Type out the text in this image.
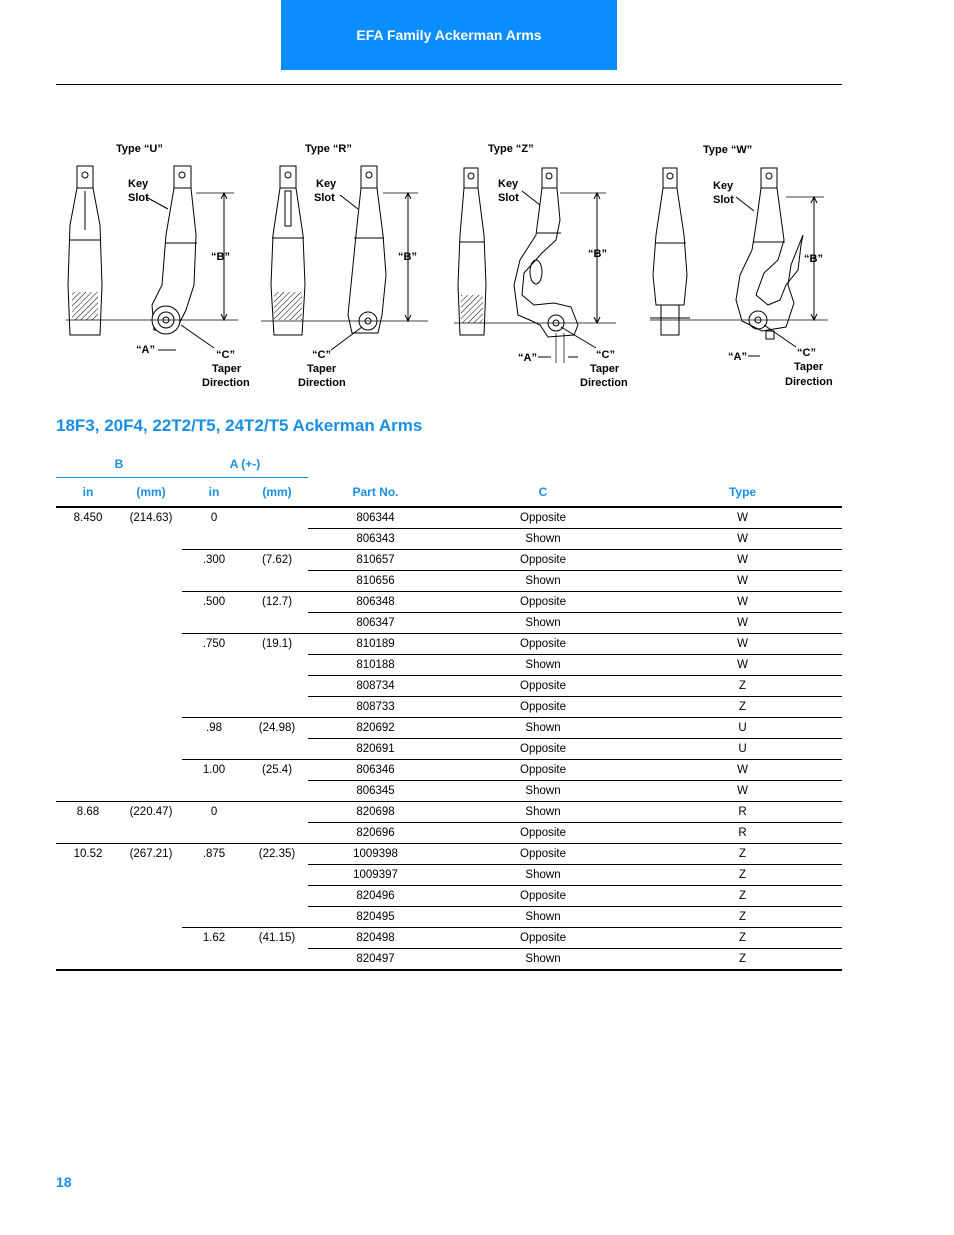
EFA Family Ackerman Arms
Type “U”
Key
Slot
“B”
“A”	“C”
Taper
Direction
Type “R”
Key
Slot
“B”
“C”
Taper
Direction
Type “Z”
Key
Slot
“B”
“A”	“C”
Taper
Direction
Type “W”
Key
Slot
“B”
“A”	“C”
Taper
Direction
18F3, 20F4, 22T2/T5, 24T2/T5 Ackerman Arms
B		A (+-)				
in	(mm)	in	(mm)	Part No.	C	Type
8.450	(214.63)	0		806344	Opposite	W
				806343	Shown	W
		.300	(7.62)	810657	Opposite	W
				810656	Shown	W
		.500	(12.7)	806348	Opposite	W
				806347	Shown	W
		.750	(19.1)	810189	Opposite	W
				810188	Shown	W
				808734	Opposite	Z
				808733	Opposite	Z
		.98	(24.98)	820692	Shown	U
				820691	Opposite	U
		1.00	(25.4)	806346	Opposite	W
				806345	Shown	W
8.68	(220.47)	0		820698	Shown	R
				820696	Opposite	R
10.52	(267.21)	.875	(22.35)	1009398	Opposite	Z
				1009397	Shown	Z
				820496	Opposite	Z
				820495	Shown	Z
		1.62	(41.15)	820498	Opposite	Z
				820497	Shown	Z
18
